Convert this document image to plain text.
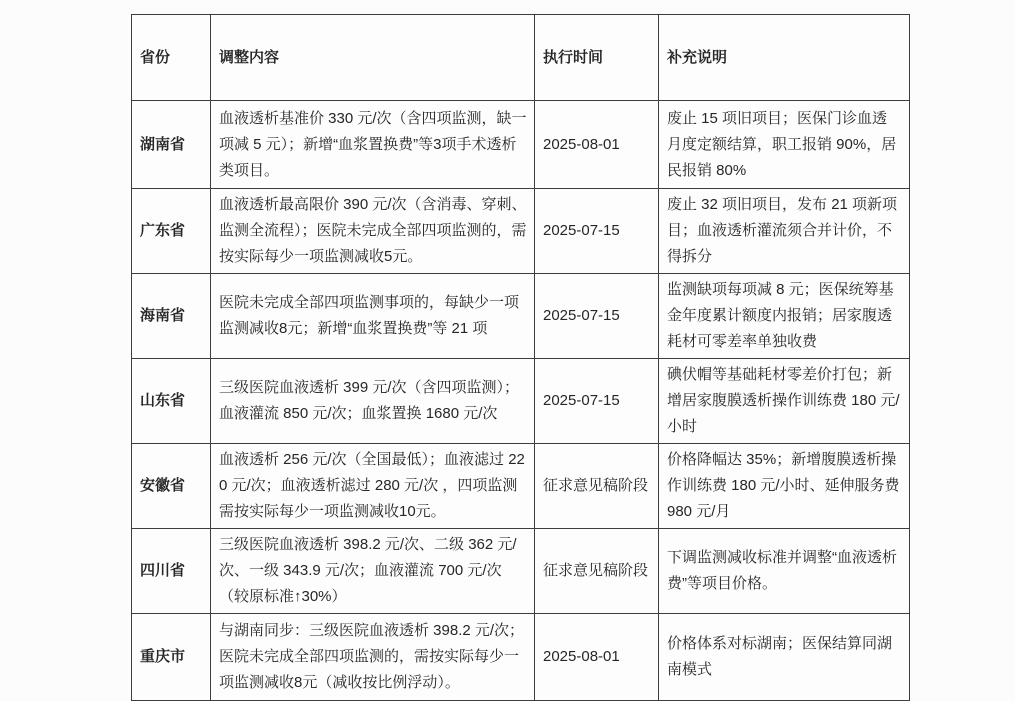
省份	调整内容	执行时间	补充说明
湖南省	血液透析基准价 330 元/次（含四项监测，缺一项减 5 元）；新增“血浆置换费”等3项手术透析类项目。	2025-08-01	废止 15 项旧项目；医保门诊血透月度定额结算，职工报销 90%，居民报销 80%
广东省	血液透析最高限价 390 元/次（含消毒、穿刺、监测全流程）；医院未完成全部四项监测的，需按实际每少一项监测减收5元。	2025-07-15	废止 32 项旧项目，发布 21 项新项目；血液透析灌流须合并计价，不得拆分
海南省	医院未完成全部四项监测事项的，每缺少一项监测减收8元；新增“血浆置换费”等 21 项	2025-07-15	监测缺项每项减 8 元；医保统筹基金年度累计额度内报销；居家腹透耗材可零差率单独收费
山东省	三级医院血液透析 399 元/次（含四项监测）；血液灌流 850 元/次；血浆置换 1680 元/次	2025-07-15	碘伏帽等基础耗材零差价打包；新增居家腹膜透析操作训练费 180 元/小时
安徽省	血液透析 256 元/次（全国最低）；血液滤过 220 元/次；血液透析滤过 280 元/次 ，四项监测需按实际每少一项监测减收10元。	征求意见稿阶段	价格降幅达 35%；新增腹膜透析操作训练费 180 元/小时、延伸服务费 980 元/月
四川省	三级医院血液透析 398.2 元/次、二级 362 元/次、一级 343.9 元/次；血液灌流 700 元/次（较原标准↑30%）	征求意见稿阶段	下调监测减收标准并调整“血液透析费”等项目价格。
重庆市	与湖南同步：三级医院血液透析 398.2 元/次；医院未完成全部四项监测的，需按实际每少一项监测减收8元（减收按比例浮动）。	2025-08-01	价格体系对标湖南；医保结算同湖南模式
